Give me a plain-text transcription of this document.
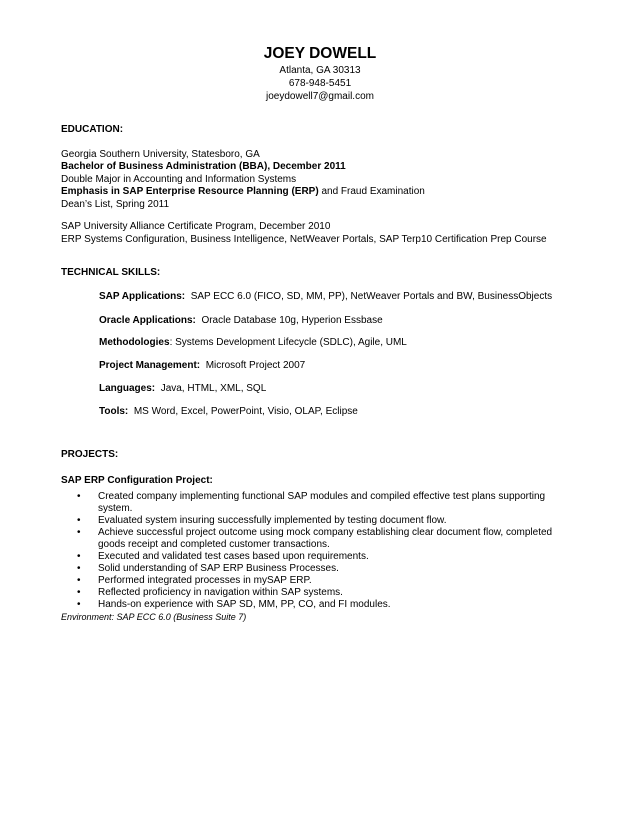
JOEY DOWELL
Atlanta, GA 30313
678-948-5451
joeydowell7@gmail.com
EDUCATION:
Georgia Southern University, Statesboro, GA
Bachelor of Business Administration (BBA), December 2011
Double Major in Accounting and Information Systems
Emphasis in SAP Enterprise Resource Planning (ERP) and Fraud Examination
Dean’s List, Spring 2011
SAP University Alliance Certificate Program, December 2010
ERP Systems Configuration, Business Intelligence, NetWeaver Portals, SAP Terp10 Certification Prep Course
TECHNICAL SKILLS:
SAP Applications: SAP ECC 6.0 (FICO, SD, MM, PP), NetWeaver Portals and BW, BusinessObjects
Oracle Applications: Oracle Database 10g, Hyperion Essbase
Methodologies: Systems Development Lifecycle (SDLC), Agile, UML
Project Management: Microsoft Project 2007
Languages: Java, HTML, XML, SQL
Tools: MS Word, Excel, PowerPoint, Visio, OLAP, Eclipse
PROJECTS:
SAP ERP Configuration Project:
• Created company implementing functional SAP modules and compiled effective test plans supporting system.
• Evaluated system insuring successfully implemented by testing document flow.
• Achieve successful project outcome using mock company establishing clear document flow, completed goods receipt and completed customer transactions.
• Executed and validated test cases based upon requirements.
• Solid understanding of SAP ERP Business Processes.
• Performed integrated processes in mySAP ERP.
• Reflected proficiency in navigation within SAP systems.
• Hands-on experience with SAP SD, MM, PP, CO, and FI modules.
Environment: SAP ECC 6.0 (Business Suite 7)
